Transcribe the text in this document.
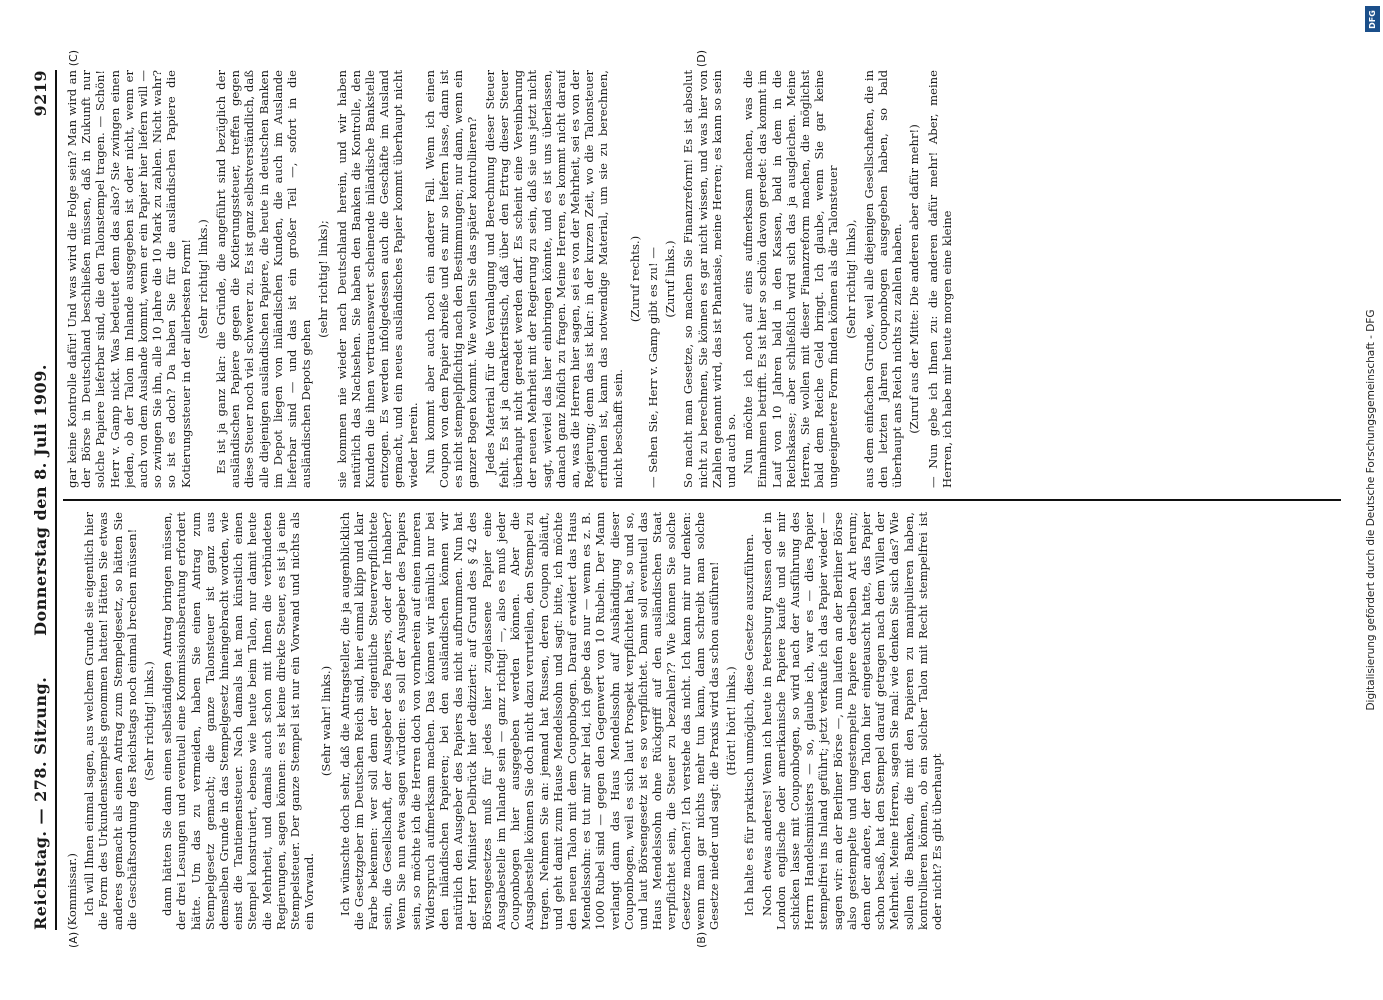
Reichstag. — 278. Sitzung.
Donnerstag den 8. Juli 1909.
9219
(A)	(B)
(C)	(D)

(Kommissar.) Ich will Ihnen einmal sagen, aus welchem Grunde sie eigentlich hier die Form des Urkundenstempels genommen hatten! Hätten Sie etwas anderes gemacht als einen Antrag zum Stempelgesetz, so hätten Sie die Geschäftsordnung des Reichstags noch einmal brechen müssen! (Sehr richtig! links.) dann hätten Sie dann einen selbständigen Antrag bringen müssen, der drei Lesungen und eventuell eine Kommissionsberatung erfordert hätte. Um das zu vermeiden, haben Sie einen Antrag zum Stempelgesetz gemacht; die ganze Talonsteuer ist ganz aus demselben Grunde in das Stempelgesetz hineingebracht worden, wie einst die Tantiemensteuer. Nach damals hat man künstlich einen Stempel konstruiert, ebenso wie heute beim Talon, nur damit heute die Mehrheit, und damals auch schon mit Ihnen die verbündeten Regierungen, sagen können: es ist keine direkte Steuer, es ist ja eine Stempelsteuer. Der ganze Stempel ist nur ein Vorwand und nichts als ein Vorwand.

(Sehr wahr! links.) Ich wünschte doch sehr, daß die Antragsteller, die ja augenblicklich die Gesetzgeber im Deutschen Reich sind, hier einmal klipp und klar Farbe bekennen: wer soll denn der eigentliche Steuerverpflichtete sein, die Gesellschaft, der Ausgeber des Papiers, oder der Inhaber? Wenn Sie nun etwa sagen würden: es soll der Ausgeber des Papiers sein, so möchte ich die Herren doch von vornherein auf einen inneren Widerspruch aufmerksam machen. Das können wir nämlich nur bei den inländischen Papieren; bei den ausländischen können wir natürlich den Ausgeber des Papiers das nicht aufbrummen. Nun hat der Herr Minister Delbrück hier dedizziert: auf Grund des § 42 des Börsengesetzes muß für jedes hier zugelassene Papier eine Ausgabestelle im Inlande sein — ganz richtig! —, also es muß jeder Couponbogen hier ausgegeben werden können. Aber die Ausgabestelle können Sie doch nicht dazu verurteilen, den Stempel zu tragen. Nehmen Sie an: jemand hat Russen, deren Coupon abläuft, und geht damit zum Hause Mendelssohn und sagt: bitte, ich möchte den neuen Talon mit dem Couponbogen. Darauf erwidert das Haus Mendelssohn: es tut mir sehr leid, ich gebe das nur — wenn es z. B. 1000 Rubel sind — gegen den Gegenwert von 10 Rubeln. Der Mann verlangt dann das Haus Mendelssohn auf Aushändigung dieser Couponbogen, weil es sich laut Prospekt verpflichtet hat, so und so, und laut Börsengesetz ist es so verpflichtet. Dann soll eventuell das Haus Mendelssohn ohne Rückgriff auf den ausländischen Staat verpflichtet sein, die Steuer zu bezahlen?? Wie können Sie solche Gesetze machen?! Ich verstehe das nicht. Ich kann mir nur denken: wenn man gar nichts mehr tun kann, dann schreibt man solche Gesetze nieder und sagt: die Praxis wird das schon ausführen! (Hört! hört! links.) Ich halte es für praktisch unmöglich, diese Gesetze auszuführen. Noch etwas anderes! Wenn ich heute in Petersburg Russen oder in London englische oder amerikanische Papiere kaufe und sie mir schicken lasse mit Couponbogen, so wird nach der Ausführung des Herrn Handelsministers — so, glaube ich, war es — dies Papier stempelfrei ins Inland geführt; jetzt verkaufe ich das Papier wieder — sagen wir: an der Berliner Börse —, nun laufen an der Berliner Börse also gestempelte und ungestempelte Papiere derselben Art herum; denn der andere, der den Talon hier eingetauscht hatte, das Papier schon besaß, hat den Stempel darauf getragen nach dem Willen der Mehrheit. Meine Herren, sagen Sie mal: wie denken Sie sich das? Wie sollen die Banken, die mit den Papieren zu manipulieren haben, kontrollieren können, ob ein solcher Talon mit Recht stempelfrei ist oder nicht? Es gibt überhaupt

gar keine Kontrolle dafür! Und was wird die Folge sein? Man wird an der Börse in Deutschland beschließen müssen, daß in Zukunft nur solche Papiere lieferbar sind, die den Talonstempel tragen. — Schön! Herr v. Gamp nickt. Was bedeutet denn das also? Sie zwingen einen jeden, ob der Talon im Inlande ausgegeben ist oder nicht, wenn er auch von dem Auslande kommt, wenn er ein Papier hier liefern will — so zwingen Sie ihn, alle 10 Jahre die 10 Mark zu zahlen. Nicht wahr? so ist es doch? Da haben Sie für die ausländischen Papiere die Kotierungssteuer in der allerbesten Form! (Sehr richtig! links.) Es ist ja ganz klar: die Gründe, die angeführt sind bezüglich der ausländischen Papiere gegen die Kotierungssteuer, treffen gegen diese Steuer noch viel schwerer zu. Es ist ganz selbstverständlich, daß alle diejenigen ausländischen Papiere, die heute in deutschen Banken im Depot liegen von inländischen Kunden, die auch im Auslande lieferbar sind — und das ist ein großer Teil —, sofort in die ausländischen Depots gehen

(sehr richtig! links); sie kommen nie wieder nach Deutschland herein, und wir haben natürlich das Nachsehen. Sie haben den Banken die Kontrolle, den Kunden die ihnen vertrauenswert scheinende inländische Bankstelle entzogen. Es werden infolgedessen auch die Geschäfte im Ausland gemacht, und ein neues ausländisches Papier kommt überhaupt nicht wieder herein. Nun kommt aber auch noch ein anderer Fall. Wenn ich einen Coupon von dem Papier abreiße und es mir so liefern lasse, dann ist es nicht stempelpflichtig nach den Bestimmungen; nur dann, wenn ein ganzer Bogen kommt. Wie wollen Sie das später kontrollieren? Jedes Material für die Veranlagung und Berechnung dieser Steuer fehlt. Es ist ja charakteristisch, daß über den Ertrag dieser Steuer überhaupt nicht geredet werden darf. Es scheint eine Vereinbarung der neuen Mehrheit mit der Regierung zu sein, daß sie uns jetzt nicht sagt, wieviel das hier einbringen könnte, und es ist uns überlassen, danach ganz höflich zu fragen. Meine Herren, es kommt nicht darauf an, was die Herren hier sagen, sei es von der Mehrheit, sei es von der Regierung; denn das ist klar: in der kurzen Zeit, wo die Talonsteuer erfunden ist, kann das notwendige Material, um sie zu berechnen, nicht beschafft sein.

(Zuruf rechts.) — Sehen Sie, Herr v. Gamp gibt es zu! — (Zuruf links.) So macht man Gesetze, so machen Sie Finanzreform! Es ist absolut nicht zu berechnen, Sie können es gar nicht wissen, und was hier von Zahlen genannt wird, das ist Phantasie, meine Herren; es kann so sein und auch so. Nun möchte ich noch auf eins aufmerksam machen, was die Einnahmen betrifft. Es ist hier so schön davon geredet: das kommt im Lauf von 10 Jahren bald in den Kassen, bald in dem in die Reichskasse; aber schließlich wird sich das ja ausgleichen. Meine Herren, Sie wollen mit dieser Finanzreform machen, die möglichst bald dem Reiche Geld bringt. Ich glaube, wenn Sie gar keine ungeeignetere Form finden können als die Talonsteuer (Sehr richtig! links), aus dem einfachen Grunde, weil alle diejenigen Gesellschaften, die in den letzten Jahren Couponbogen ausgegeben haben, so bald überhaupt ans Reich nichts zu zahlen haben. (Zuruf aus der Mitte: Die anderen aber dafür mehr!) — Nun gebe ich Ihnen zu: die anderen dafür mehr! Aber, meine Herren, ich habe mir heute morgen eine kleine

DFG
Digitalisierung gefördert durch die Deutsche Forschungsgemeinschaft - DFG
